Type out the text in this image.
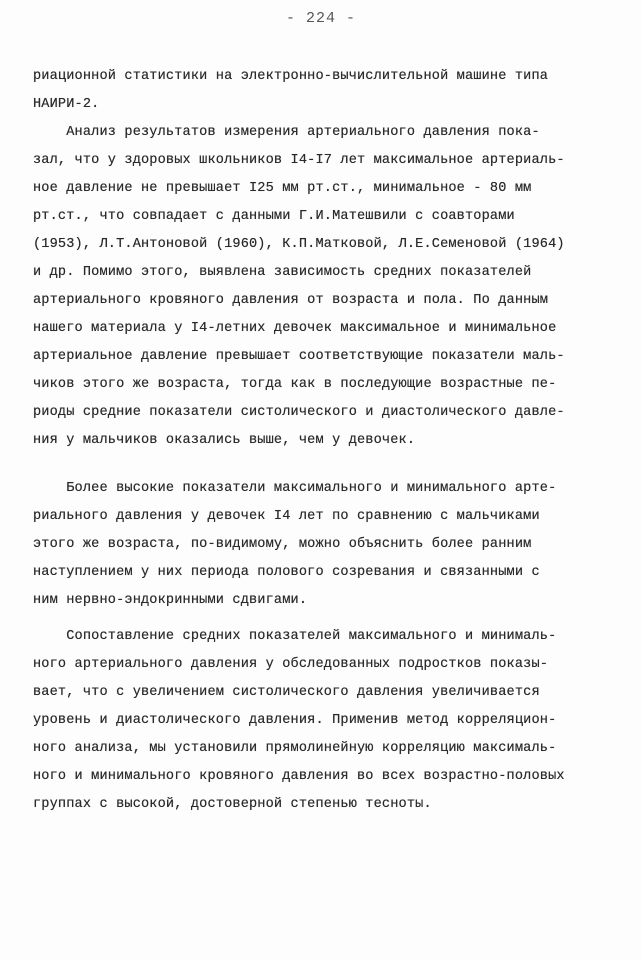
- 224 -
риационной статистики на электронно-вычислительной машине типа
НАИРИ-2.
Анализ результатов измерения артериального давления пока-
зал, что у здоровых школьников I4-I7 лет максимальное артериаль-
ное давление не превышает I25 мм рт.ст., минимальное - 80 мм
рт.ст., что совпадает с данными Г.И.Матешвили с соавторами
(1953), Л.Т.Антоновой (1960), К.П.Матковой, Л.Е.Семеновой (1964)
и др. Помимо этого, выявлена зависимость средних показателей
артериального кровяного давления от возраста и пола. По данным
нашего материала у I4-летних девочек максимальное и минимальное
артериальное давление превышает соответствующие показатели маль-
чиков этого же возраста, тогда как в последующие возрастные пе-
риоды средние показатели систолического и диастолического давле-
ния у мальчиков оказались выше, чем у девочек.
Более высокие показатели максимального и минимального арте-
риального давления у девочек I4 лет по сравнению с мальчиками
этого же возраста, по-видимому, можно объяснить более ранним
наступлением у них периода полового созревания и связанными с
ним нервно-эндокринными сдвигами.
Сопоставление средних показателей максимального и минималь-
ного артериального давления у обследованных подростков показы-
вает, что с увеличением систолического давления увеличивается
уровень и диастолического давления. Применив метод корреляцион-
ного анализа, мы установили прямолинейную корреляцию максималь-
ного и минимального кровяного давления во всех возрастно-половых
группах с высокой, достоверной степенью тесноты.
